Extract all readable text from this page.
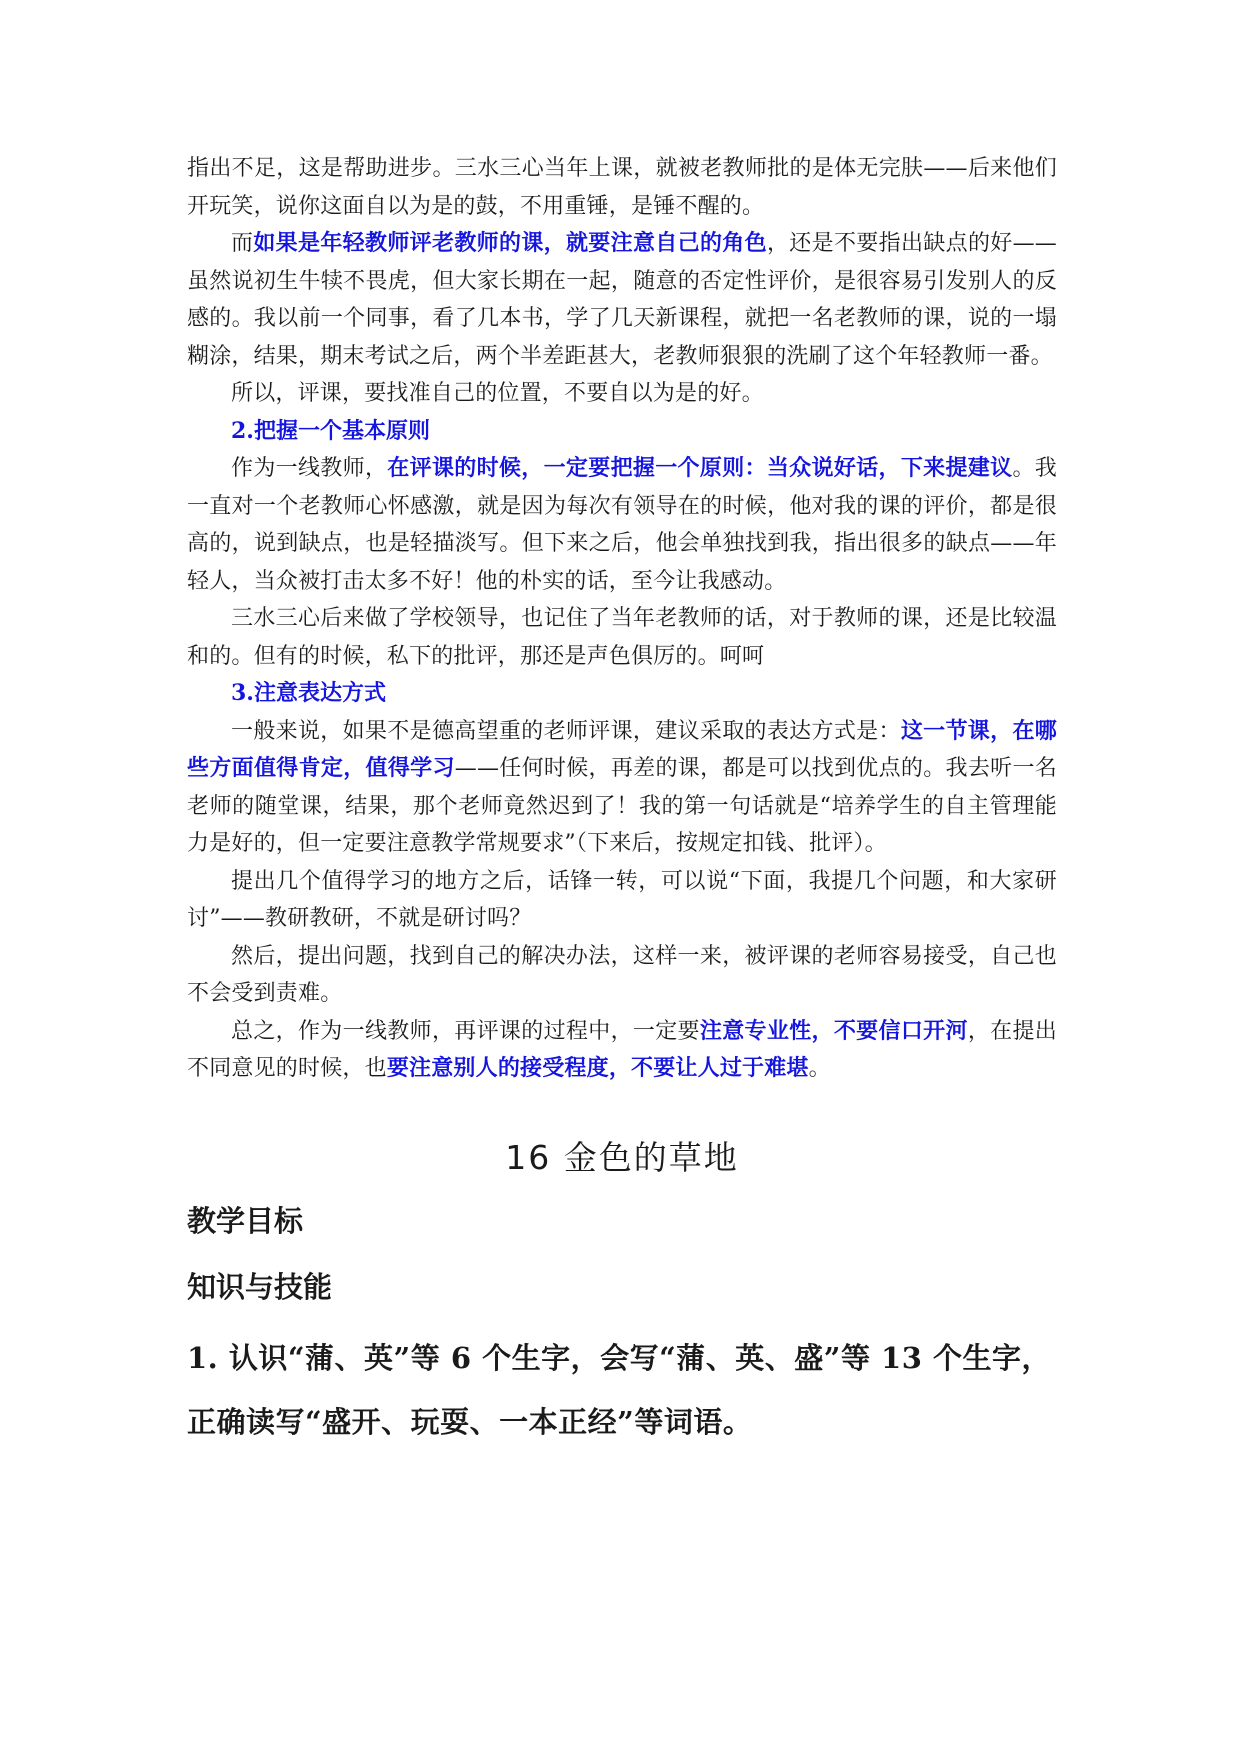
指出不足，这是帮助进步。三水三心当年上课，就被老教师批的是体无完肤——后来他们开玩笑，说你这面自以为是的鼓，不用重锤，是锤不醒的。

而如果是年轻教师评老教师的课，就要注意自己的角色，还是不要指出缺点的好——虽然说初生牛犊不畏虎，但大家长期在一起，随意的否定性评价，是很容易引发别人的反感的。我以前一个同事，看了几本书，学了几天新课程，就把一名老教师的课，说的一塌糊涂，结果，期末考试之后，两个半差距甚大，老教师狠狠的洗刷了这个年轻教师一番。

所以，评课，要找准自己的位置，不要自以为是的好。

2.把握一个基本原则

作为一线教师，在评课的时候，一定要把握一个原则：当众说好话，下来提建议。我一直对一个老教师心怀感激，就是因为每次有领导在的时候，他对我的课的评价，都是很高的，说到缺点，也是轻描淡写。但下来之后，他会单独找到我，指出很多的缺点——年轻人，当众被打击太多不好！他的朴实的话，至今让我感动。

三水三心后来做了学校领导，也记住了当年老教师的话，对于教师的课，还是比较温和的。但有的时候，私下的批评，那还是声色俱厉的。呵呵

3.注意表达方式

一般来说，如果不是德高望重的老师评课，建议采取的表达方式是：这一节课，在哪些方面值得肯定，值得学习——任何时候，再差的课，都是可以找到优点的。我去听一名老师的随堂课，结果，那个老师竟然迟到了！我的第一句话就是“培养学生的自主管理能力是好的，但一定要注意教学常规要求”（下来后，按规定扣钱、批评）。

提出几个值得学习的地方之后，话锋一转，可以说“下面，我提几个问题，和大家研讨”——教研教研，不就是研讨吗？

然后，提出问题，找到自己的解决办法，这样一来，被评课的老师容易接受，自己也不会受到责难。

总之，作为一线教师，再评课的过程中，一定要注意专业性，不要信口开河，在提出不同意见的时候，也要注意别人的接受程度，不要让人过于难堪。

16 金色的草地
教学目标
知识与技能

1. 认识“蒲、英”等 6 个生字，会写“蒲、英、盛”等 13 个生字，正确读写“盛开、玩耍、一本正经”等词语。
